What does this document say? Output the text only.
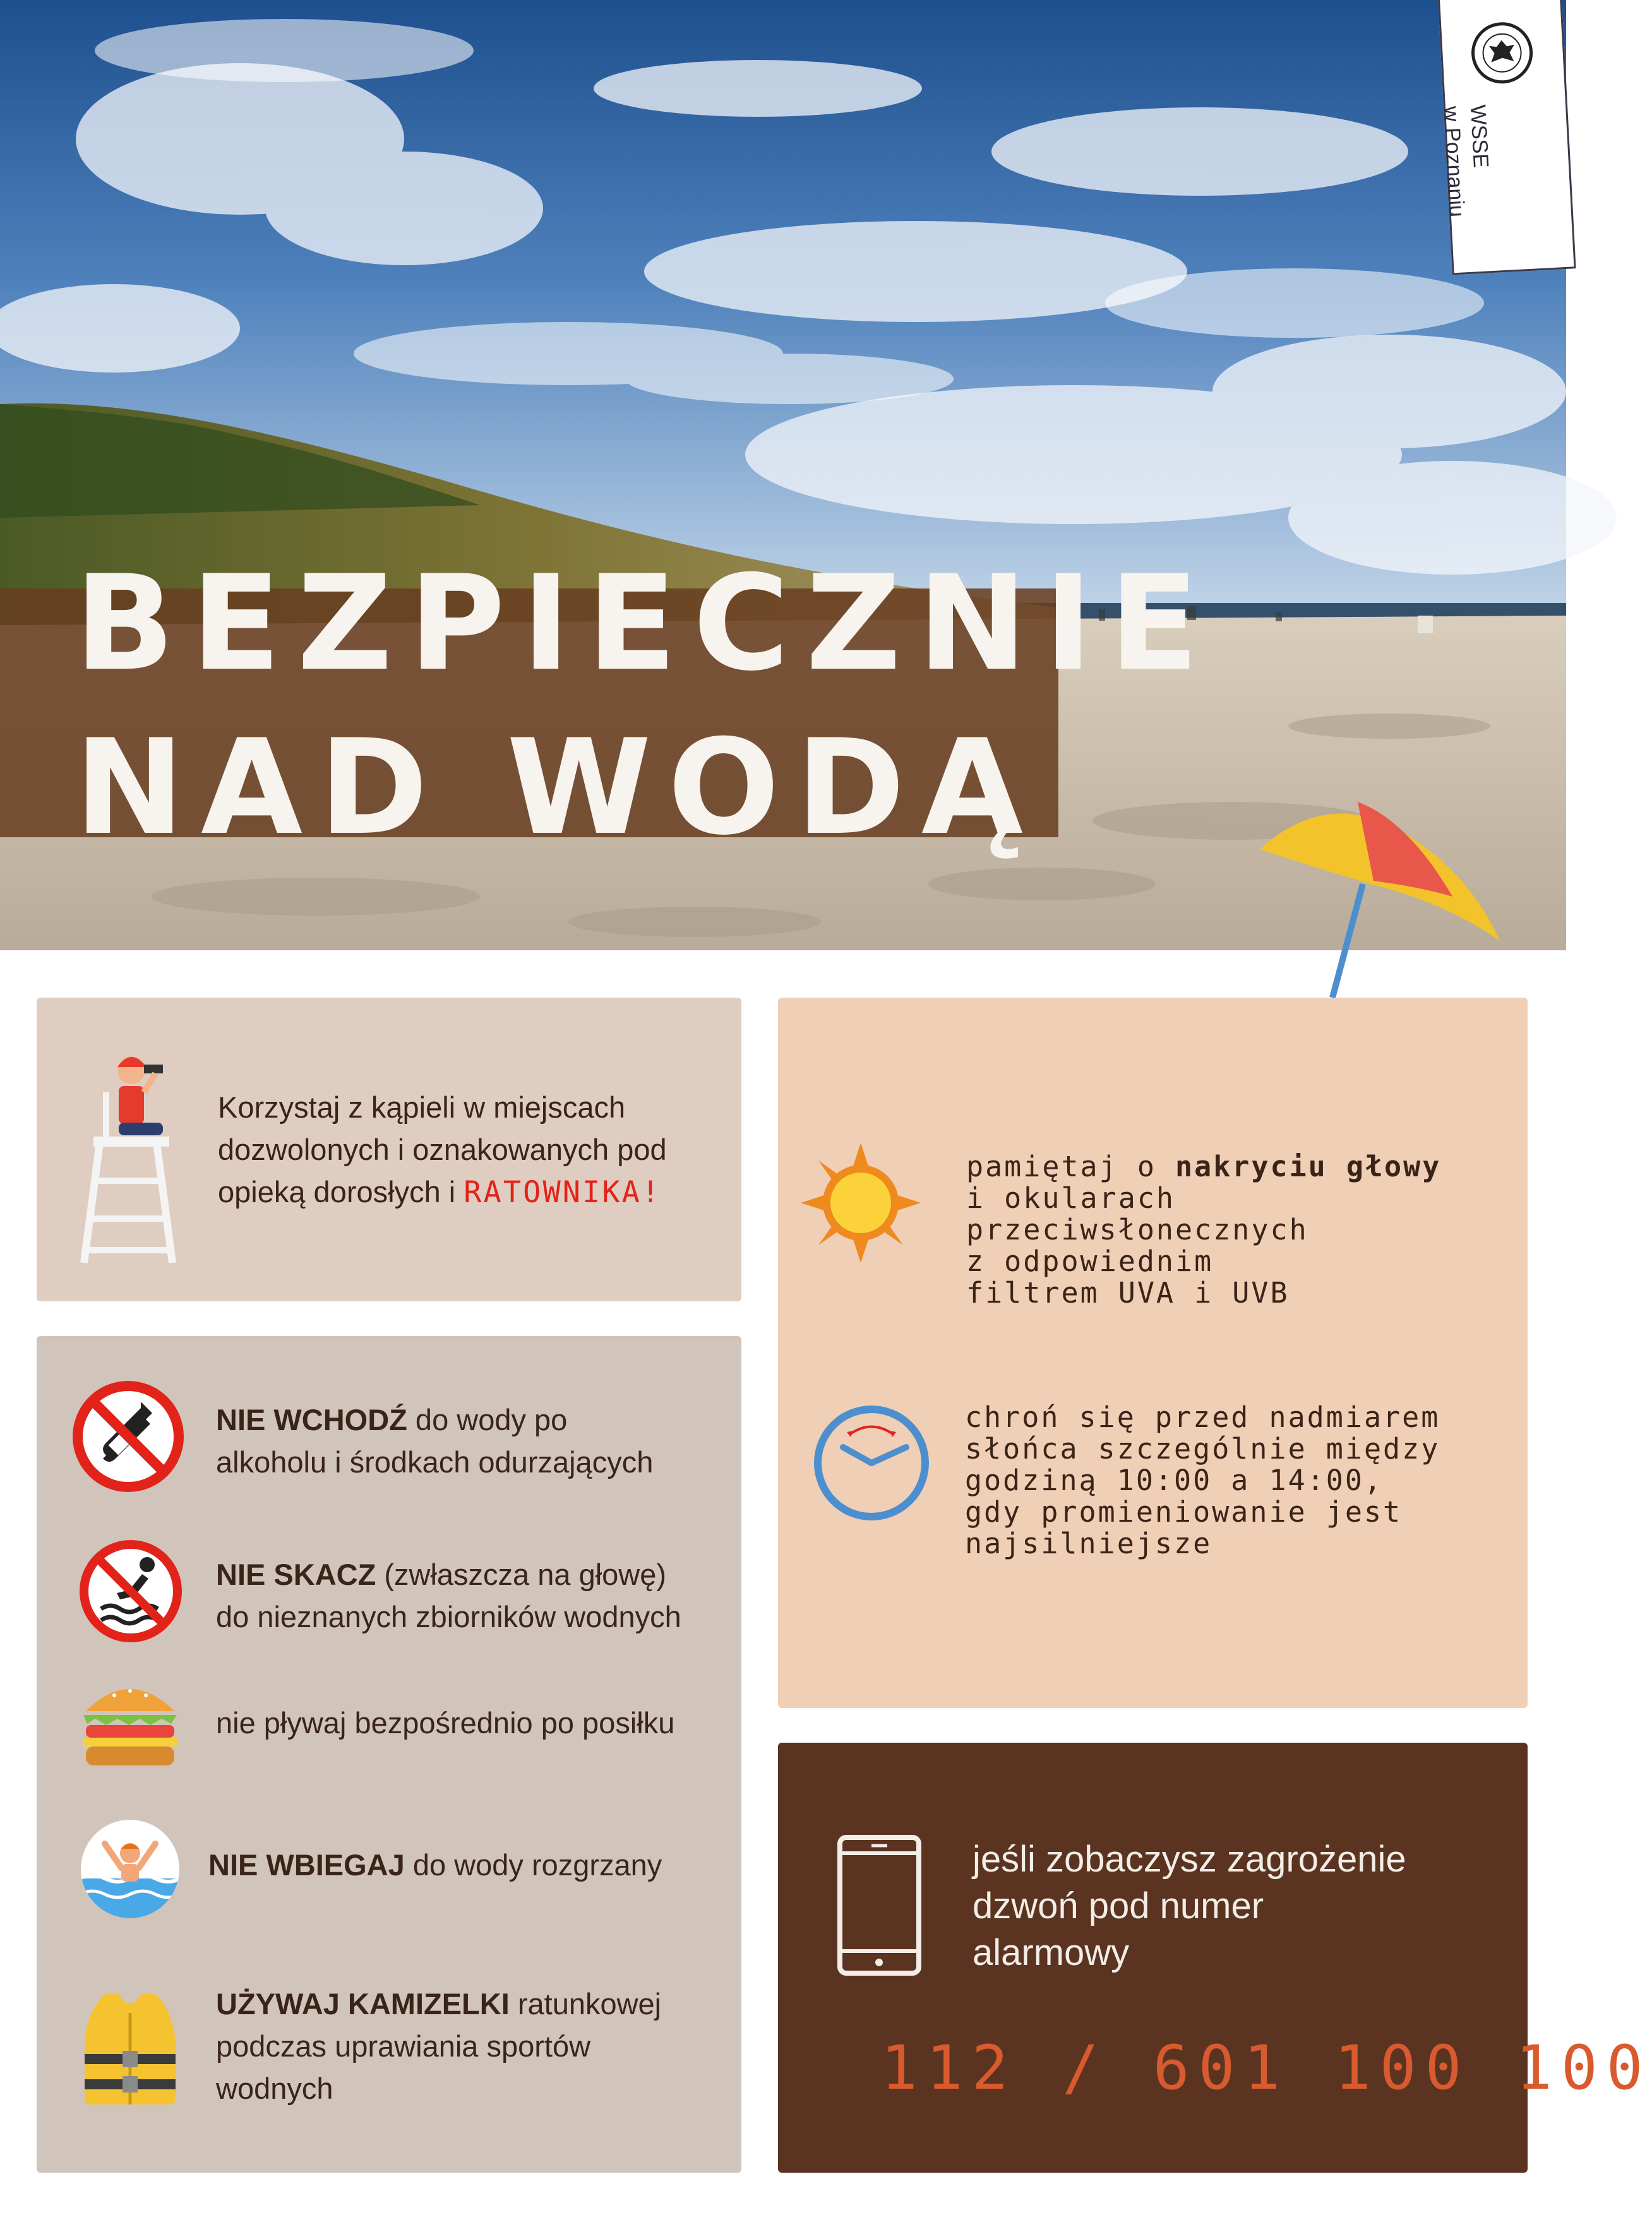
BEZPIECZNIE
NAD WODĄ
WSSE
w Poznaniu
Korzystaj z kąpieli w miejscach
dozwolonych i oznakowanych pod
opieką dorosłych i RATOWNIKA!
NIE WCHODŹ do wody po
alkoholu i środkach odurzających
NIE SKACZ (zwłaszcza na głowę)
do nieznanych zbiorników wodnych
nie pływaj bezpośrednio po posiłku
NIE WBIEGAJ do wody rozgrzany
UŻYWAJ KAMIZELKI ratunkowej
podczas uprawiania sportów
wodnych
pamiętaj o nakryciu głowy
i okularach przeciwsłonecznych
z odpowiednim
filtrem UVA i UVB
chroń się przed nadmiarem
słońca szczególnie między
godziną 10:00 a 14:00,
gdy promieniowanie jest
najsilniejsze
jeśli zobaczysz zagrożenie
dzwoń pod numer
alarmowy
112 / 601 100 100
